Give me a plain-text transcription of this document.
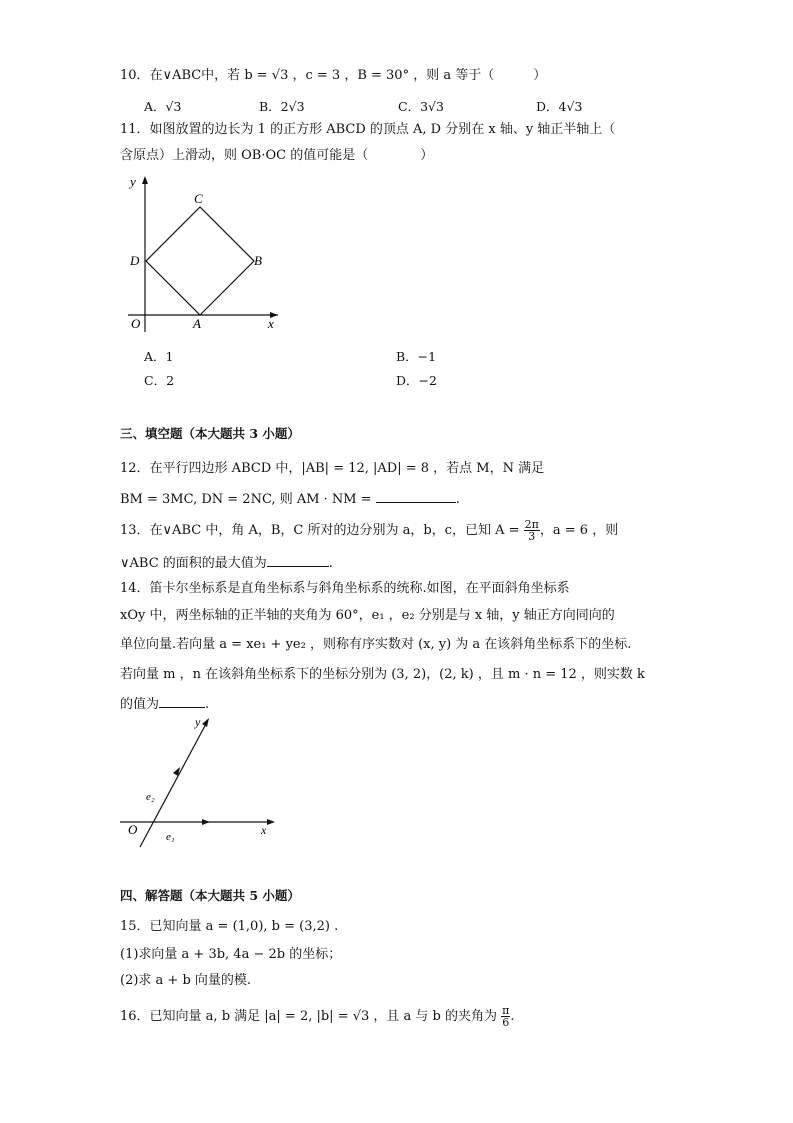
10．在∨ABC中，若 b = √3 ，c = 3 ，B = 30° ，则 a 等于（　　　）
A．√3	B．2√3	C．3√3	D．4√3
11．如图放置的边长为 1 的正方形 ABCD 的顶点 A, D 分别在 x 轴、y 轴正半轴上（
含原点）上滑动，则 OB·OC 的值可能是（　　　　）
y
x
O	A
B
C
D
A．1	B．−1
C．2	D．−2
三、填空题（本大题共 3 小题）
12．在平行四边形 ABCD 中，|AB| = 12, |AD| = 8 ，若点 M，N 满足
BM = 3MC, DN = 2NC, 则 AM · NM =	.
13．在∨ABC 中，角 A，B，C 所对的边分别为 a，b，c，已知 $A = \frac{2\pi}{3}$ ，a = 6 ，则
∨ABC 的面积的最大值为	.
14．笛卡尔坐标系是直角坐标系与斜角坐标系的统称.如图，在平面斜角坐标系
xOy 中，两坐标轴的正半轴的夹角为 60°，e₁ ，e₂ 分别是与 x 轴，y 轴正方向同向的
单位向量.若向量 a = xe₁ + ye₂ ，则称有序实数对 (x, y) 为 a 在该斜角坐标系下的坐标.
若向量 m ，n 在该斜角坐标系下的坐标分别为 (3, 2)，(2, k) ，且 m · n = 12 ，则实数 k
的值为	.
y
x
O
e₂
e₁
四、解答题（本大题共 5 小题）
15．已知向量 a = (1,0), b = (3,2) .
(1)求向量 a + 3b, 4a − 2b 的坐标；
(2)求 a + b 向量的模.
16．已知向量 a, b 满足 |a| = 2, |b| = √3 ，且 a 与 b 的夹角为 $\frac{\pi}{6}$ .
